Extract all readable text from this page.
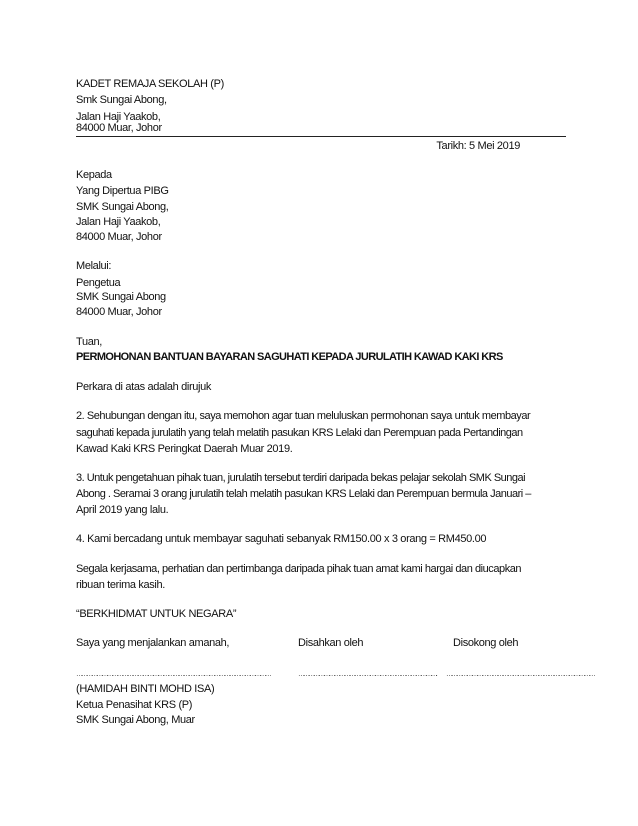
KADET REMAJA SEKOLAH (P)
Smk Sungai Abong,
Jalan Haji Yaakob,
84000 Muar, Johor
Tarikh: 5 Mei 2019
Kepada
Yang Dipertua PIBG
SMK Sungai Abong,
Jalan Haji Yaakob,
84000 Muar, Johor
Melalui:
Pengetua
SMK Sungai Abong
84000 Muar, Johor
Tuan,
PERMOHONAN BANTUAN BAYARAN SAGUHATI KEPADA JURULATIH KAWAD KAKI KRS
Perkara di atas adalah dirujuk
2. Sehubungan dengan itu, saya memohon agar tuan meluluskan permohonan saya untuk membayar
saguhati kepada jurulatih yang telah melatih pasukan KRS Lelaki dan Perempuan pada Pertandingan
Kawad Kaki KRS Peringkat Daerah Muar 2019.
3. Untuk pengetahuan pihak tuan, jurulatih tersebut terdiri daripada bekas pelajar sekolah SMK Sungai
Abong . Seramai 3 orang jurulatih telah melatih pasukan KRS Lelaki dan Perempuan bermula Januari –
April 2019 yang lalu.
4. Kami bercadang untuk membayar saguhati sebanyak RM150.00 x 3 orang = RM450.00
Segala kerjasama, perhatian dan pertimbanga daripada pihak tuan amat kami hargai dan diucapkan
ribuan terima kasih.
“BERKHIDMAT UNTUK NEGARA”
Saya yang menjalankan amanah,	Disahkan oleh	Disokong oleh
……………………………………………………………………………………………………	………………………………………………………………………. ……………………………………………………………………………
(HAMIDAH BINTI MOHD ISA)
Ketua Penasihat KRS (P)
SMK Sungai Abong, Muar
